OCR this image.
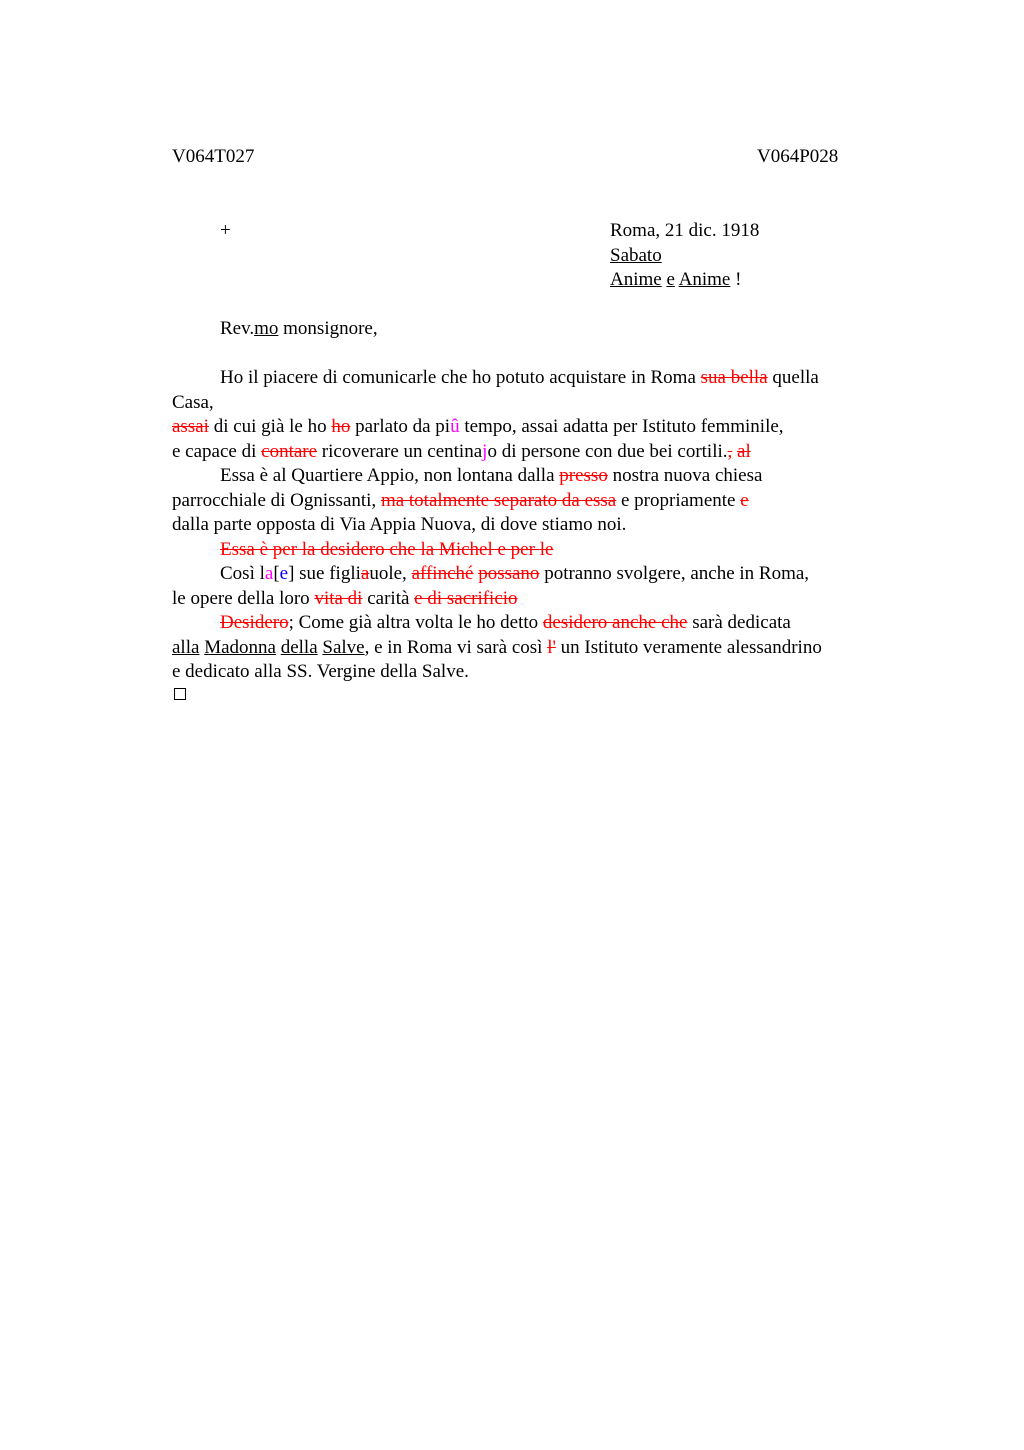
V064T027	V064P028
+	Roma, 21 dic. 1918
Sabato
Anime e Anime !
Rev.mo monsignore,
Ho il piacere di comunicarle che ho potuto acquistare in Roma sua bella quella
Casa,
assai di cui già le ho ho parlato da piû tempo, assai adatta per Istituto femminile,
e capace di contare ricoverare un centinajo di persone con due bei cortili., al
Essa è al Quartiere Appio, non lontana dalla presso nostra nuova chiesa
parrocchiale di Ognissanti, ma totalmente separato da essa e propriamente e
dalla parte opposta di Via Appia Nuova, di dove stiamo noi.
Essa è per la desidero che la Michel e per le
Così la[e] sue figliauole, affinché possano potranno svolgere, anche in Roma,
le opere della loro vita di carità e di sacrificio
Desidero; Come già altra volta le ho detto desidero anche che sarà dedicata
alla Madonna della Salve, e in Roma vi sarà così l' un Istituto veramente alessandrino
e dedicato alla SS. Vergine della Salve.
